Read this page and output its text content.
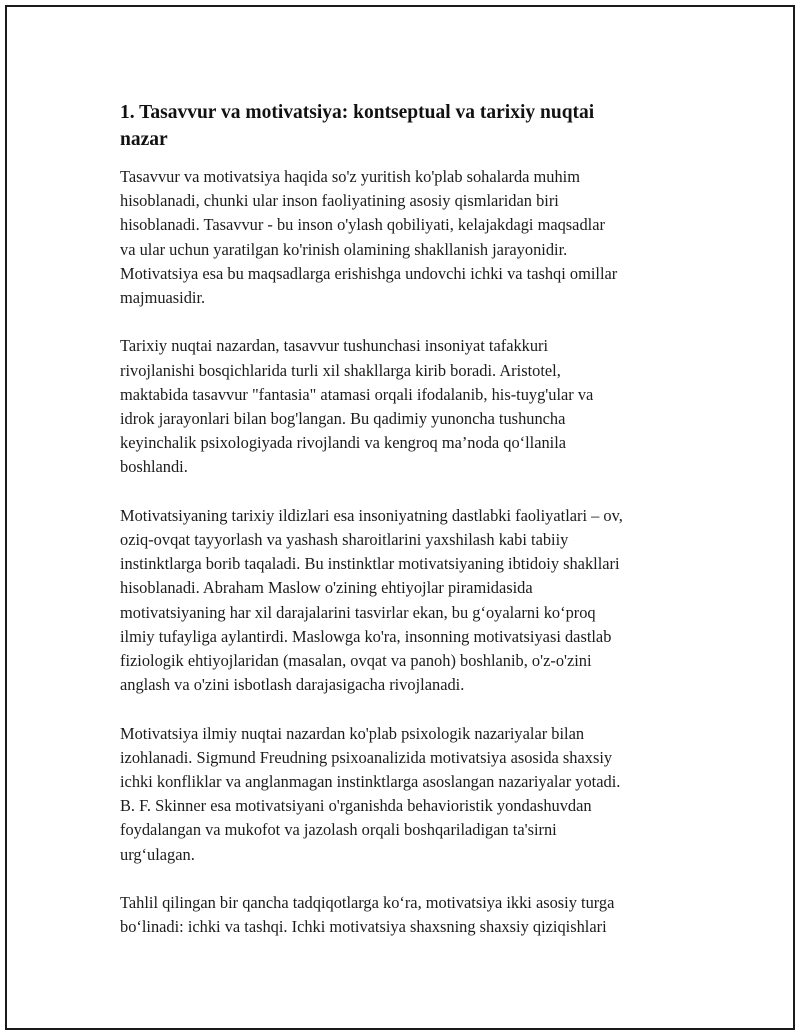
1. Tasavvur va motivatsiya: kontseptual va tarixiy nuqtai
nazar

Tasavvur va motivatsiya haqida so'z yuritish ko'plab sohalarda muhim
hisoblanadi, chunki ular inson faoliyatining asosiy qismlaridan biri
hisoblanadi. Tasavvur - bu inson o'ylash qobiliyati, kelajakdagi maqsadlar
va ular uchun yaratilgan ko'rinish olamining shakllanish jarayonidir.
Motivatsiya esa bu maqsadlarga erishishga undovchi ichki va tashqi omillar
majmuasidir.

Tarixiy nuqtai nazardan, tasavvur tushunchasi insoniyat tafakkuri
rivojlanishi bosqichlarida turli xil shakllarga kirib boradi. Aristotel,
maktabida tasavvur "fantasia" atamasi orqali ifodalanib, his-tuyg'ular va
idrok jarayonlari bilan bog'langan. Bu qadimiy yunoncha tushuncha
keyinchalik psixologiyada rivojlandi va kengroq ma’noda qo‘llanila
boshlandi.

Motivatsiyaning tarixiy ildizlari esa insoniyatning dastlabki faoliyatlari – ov,
oziq-ovqat tayyorlash va yashash sharoitlarini yaxshilash kabi tabiiy
instinktlarga borib taqaladi. Bu instinktlar motivatsiyaning ibtidoiy shakllari
hisoblanadi. Abraham Maslow o'zining ehtiyojlar piramidasida
motivatsiyaning har xil darajalarini tasvirlar ekan, bu g‘oyalarni ko‘proq
ilmiy tufayliga aylantirdi. Maslowga ko'ra, insonning motivatsiyasi dastlab
fiziologik ehtiyojlaridan (masalan, ovqat va panoh) boshlanib, o'z-o'zini
anglash va o'zini isbotlash darajasigacha rivojlanadi.

Motivatsiya ilmiy nuqtai nazardan ko'plab psixologik nazariyalar bilan
izohlanadi. Sigmund Freudning psixoanalizida motivatsiya asosida shaxsiy
ichki konfliklar va anglanmagan instinktlarga asoslangan nazariyalar yotadi.
B. F. Skinner esa motivatsiyani o'rganishda behavioristik yondashuvdan
foydalangan va mukofot va jazolash orqali boshqariladigan ta'sirni
urg‘ulagan.

Tahlil qilingan bir qancha tadqiqotlarga ko‘ra, motivatsiya ikki asosiy turga
bo‘linadi: ichki va tashqi. Ichki motivatsiya shaxsning shaxsiy qiziqishlari
